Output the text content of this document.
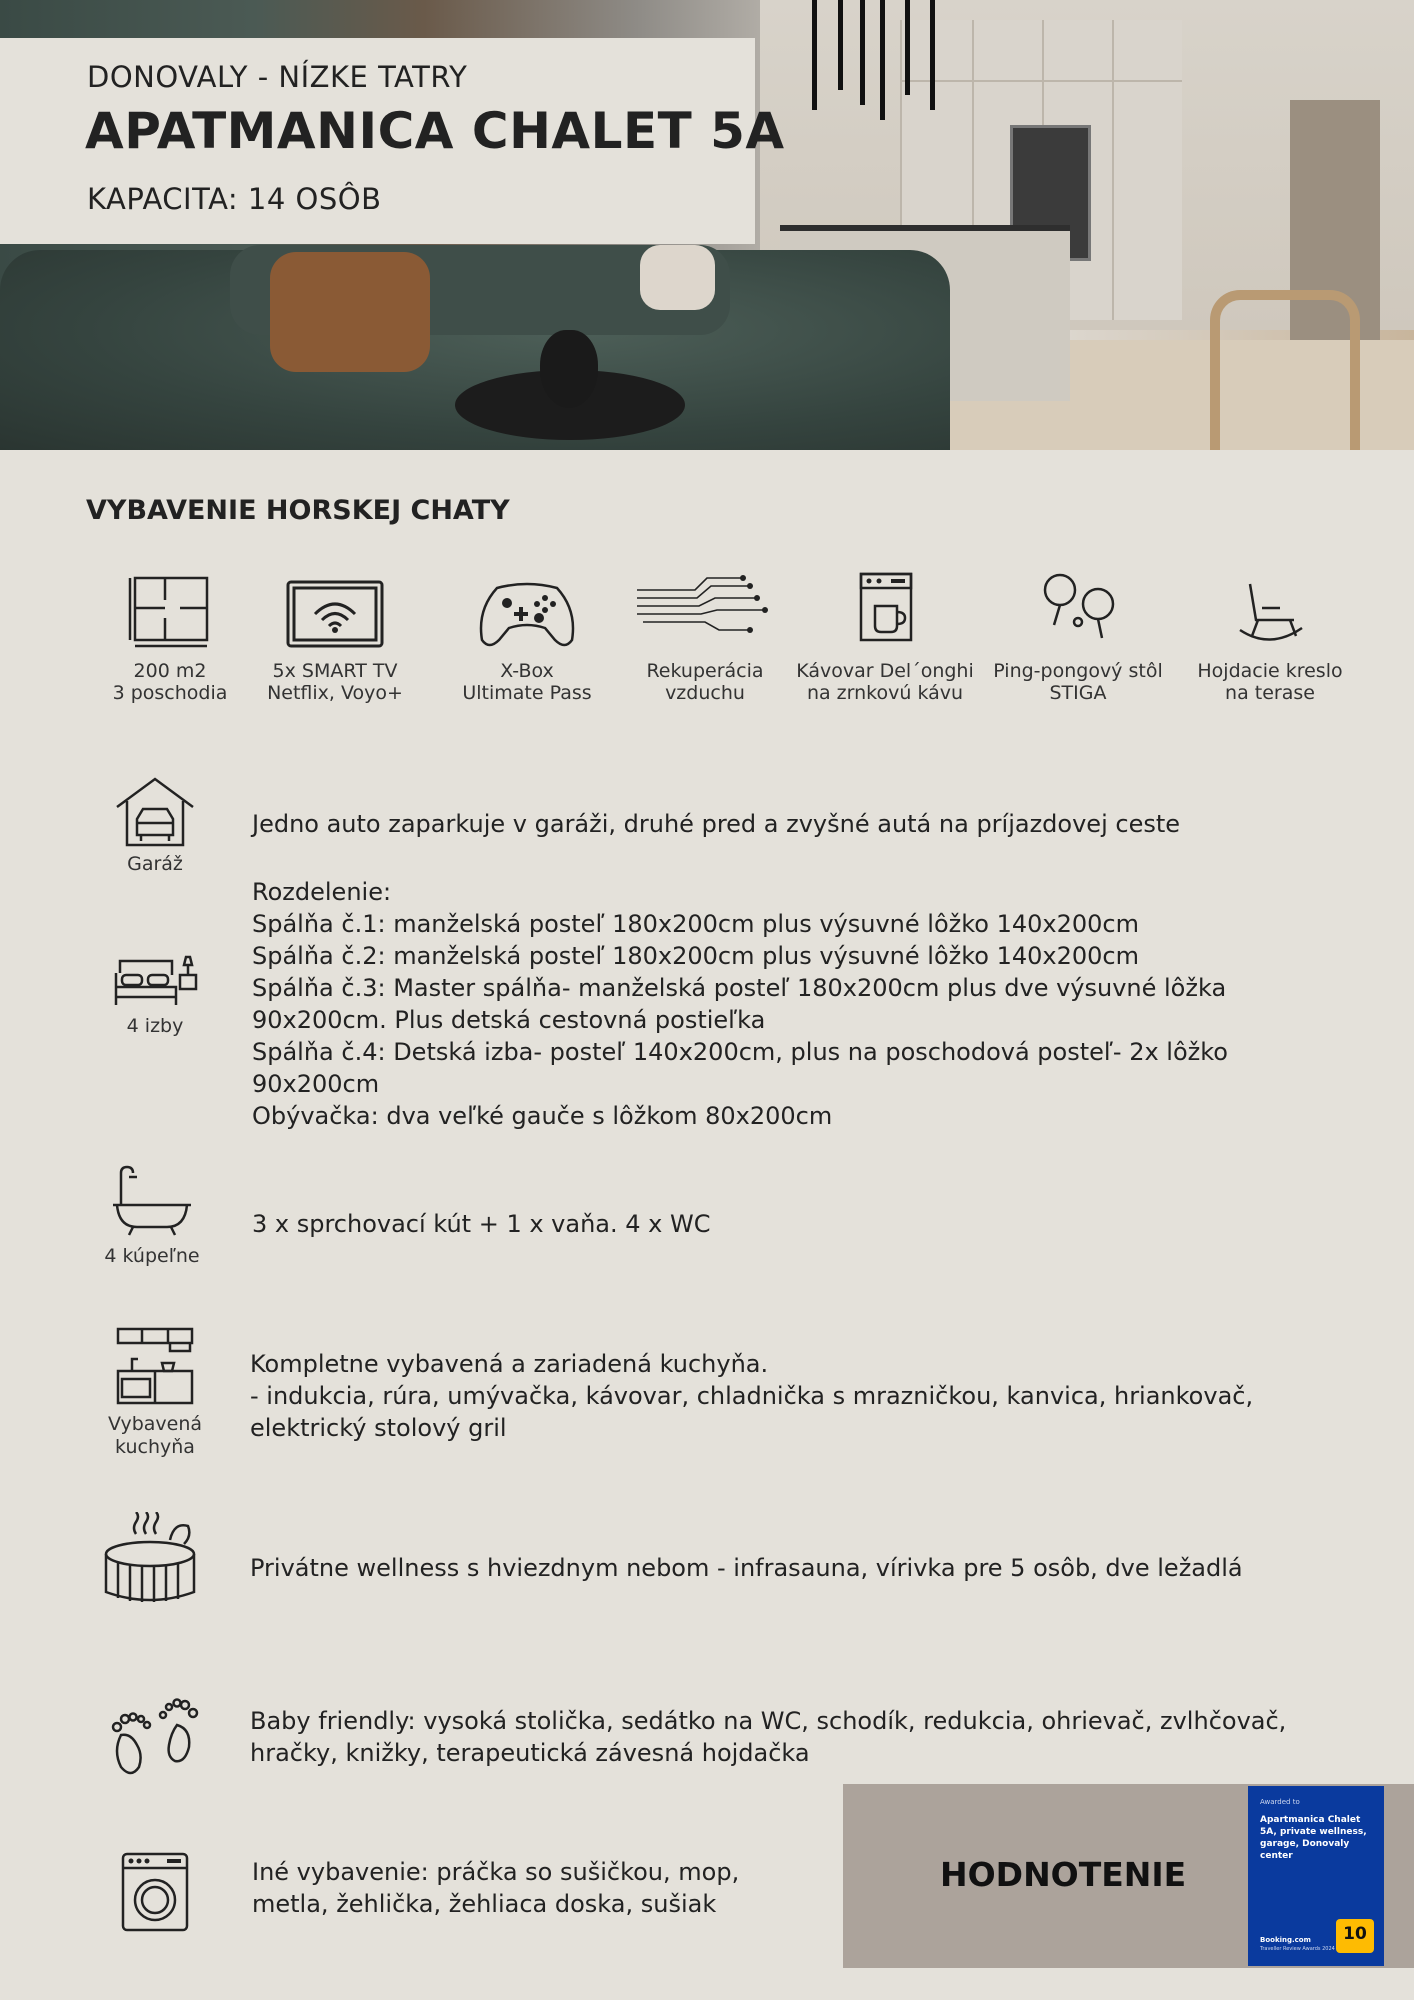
DONOVALY - NÍZKE TATRY
APATMANICA CHALET 5A
KAPACITA: 14 OSÔB
VYBAVENIE HORSKEJ CHATY
200 m2
3 poschodia
5x SMART TV
Netflix, Voyo+
X-Box
Ultimate Pass
Rekuperácia
vzduchu
Kávovar Del´onghi
na zrnkovú kávu
Ping-pongový stôl
STIGA
Hojdacie kreslo
na terase
Garáž
Jedno auto zaparkuje v garáži, druhé pred a zvyšné autá na príjazdovej ceste
4 izby
Rozdelenie:
Spálňa č.1: manželská posteľ 180x200cm plus výsuvné lôžko 140x200cm
Spálňa č.2: manželská posteľ 180x200cm plus výsuvné lôžko 140x200cm
Spálňa č.3: Master spálňa- manželská posteľ 180x200cm plus dve výsuvné lôžka
90x200cm. Plus detská cestovná postieľka
Spálňa č.4: Detská izba- posteľ 140x200cm, plus na poschodová posteľ- 2x lôžko
90x200cm
Obývačka: dva veľké gauče s lôžkom 80x200cm
4 kúpeľne
3 x sprchovací kút + 1 x vaňa. 4 x WC
Vybavená
kuchyňa
Kompletne vybavená a zariadená kuchyňa.
- indukcia, rúra, umývačka, kávovar, chladnička s mrazničkou, kanvica, hriankovač,
elektrický stolový gril
Privátne wellness s hviezdnym nebom - infrasauna, vírivka pre 5 osôb, dve ležadlá
Baby friendly: vysoká stolička, sedátko na WC, schodík, redukcia, ohrievač, zvlhčovač,
hračky, knižky, terapeutická závesná hojdačka
Iné vybavenie: práčka so sušičkou, mop,
metla, žehlička, žehliaca doska, sušiak
HODNOTENIE
Awarded to
Apartmanica Chalet 5A, private wellness, garage, Donovaly center
Booking.com
Traveller Review Awards 2024
10
